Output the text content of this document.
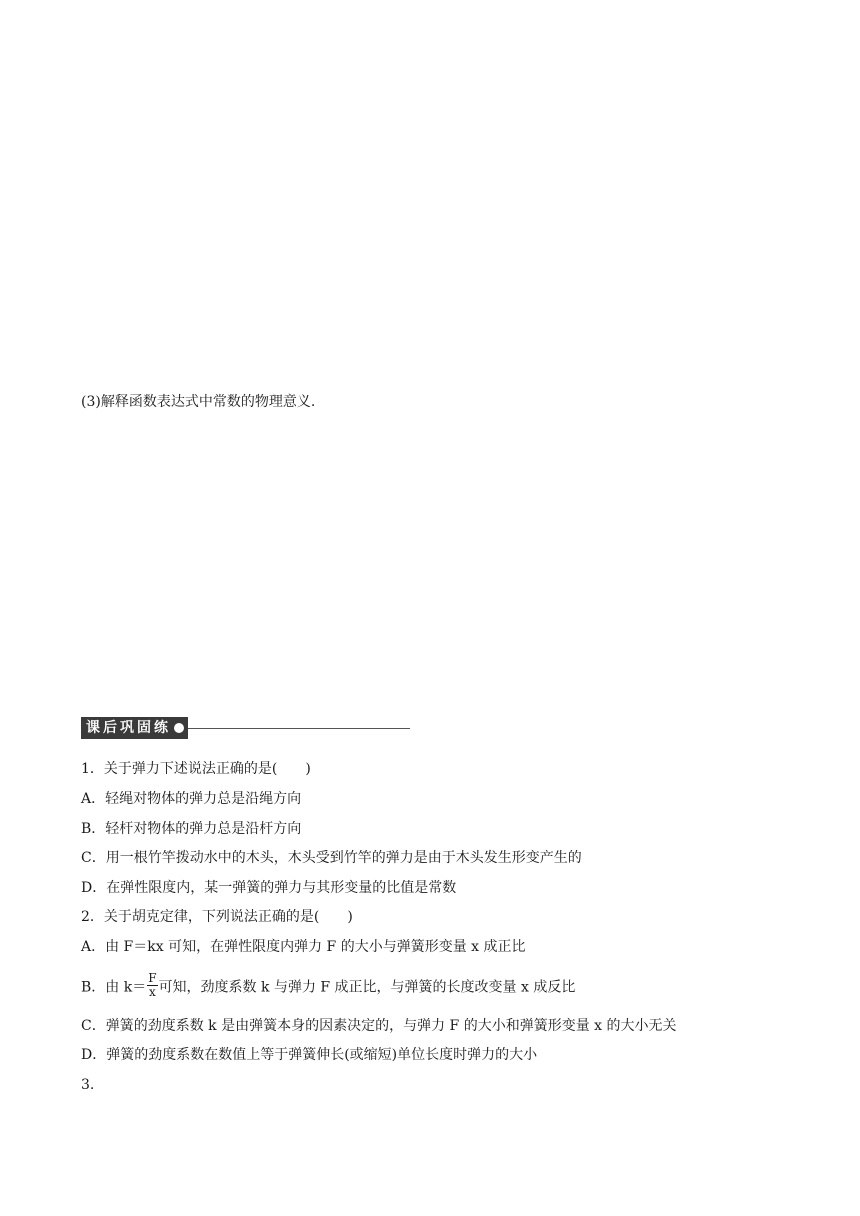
(3)解释函数表达式中常数的物理意义.
课后巩固练
1．关于弹力下述说法正确的是(　　)
A．轻绳对物体的弹力总是沿绳方向
B．轻杆对物体的弹力总是沿杆方向
C．用一根竹竿拨动水中的木头，木头受到竹竿的弹力是由于木头发生形变产生的
D．在弹性限度内，某一弹簧的弹力与其形变量的比值是常数
2．关于胡克定律，下列说法正确的是(　　)
A．由 F＝kx 可知，在弹性限度内弹力 F 的大小与弹簧形变量 x 成正比
B．由 $k= \frac{F}{x}$ 可知，劲度系数 k 与弹力 F 成正比，与弹簧的长度改变量 x 成反比
C．弹簧的劲度系数 k 是由弹簧本身的因素决定的，与弹力 F 的大小和弹簧形变量 x 的大小无关
D．弹簧的劲度系数在数值上等于弹簧伸长(或缩短)单位长度时弹力的大小
3.
